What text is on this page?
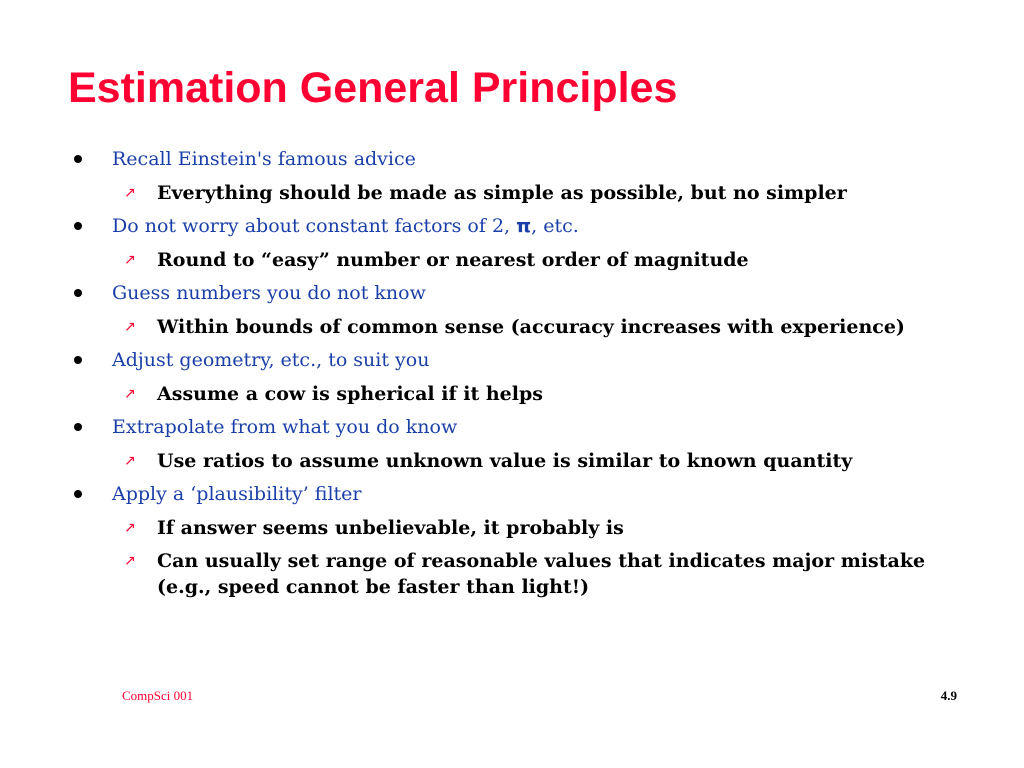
Estimation General Principles
Recall Einstein's famous advice
↗ Everything should be made as simple as possible, but no simpler
Do not worry about constant factors of 2, π, etc.
↗ Round to “easy” number or nearest order of magnitude
Guess numbers you do not know
↗ Within bounds of common sense (accuracy increases with experience)
Adjust geometry, etc., to suit you
↗ Assume a cow is spherical if it helps
Extrapolate from what you do know
↗ Use ratios to assume unknown value is similar to known quantity
Apply a ‘plausibility’ filter
↗ If answer seems unbelievable, it probably is
↗ Can usually set range of reasonable values that indicates major mistake (e.g., speed cannot be faster than light!)
CompSci 001	4.9
